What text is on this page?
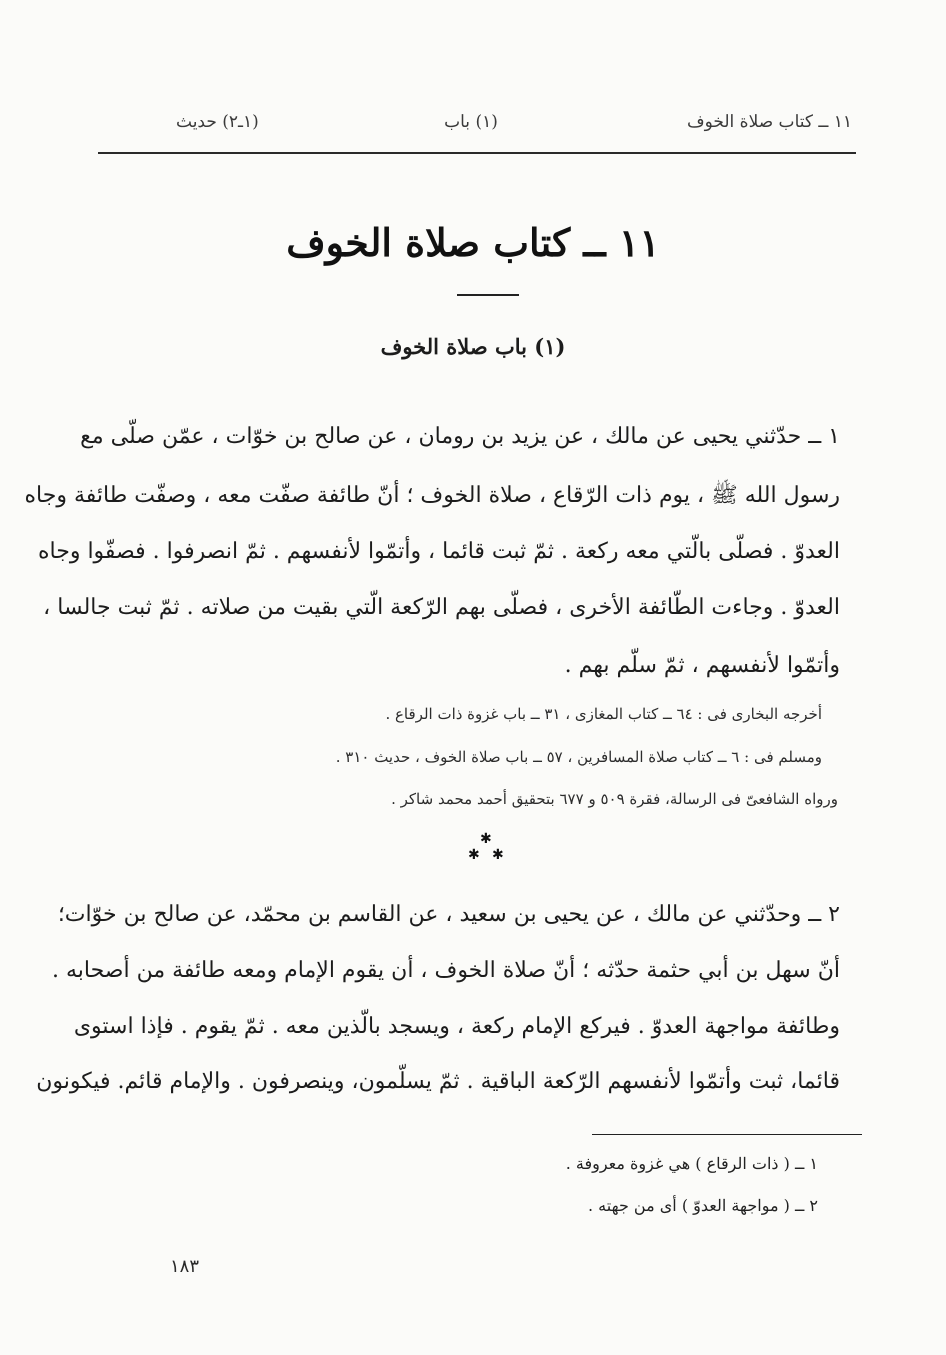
١١ ــ كتاب صلاة الخوف
(١) باب
(١ـ٢) حديث
١١ ــ كتاب صلاة الخوف
(١) باب صلاة الخوف
١ ــ حدّثني يحيى عن مالك ، عن يزيد بن رومان ، عن صالح بن خوّات ، عمّن صلّى مع
رسول الله ﷺ ، يوم ذات الرّقاع ، صلاة الخوف ؛ أنّ طائفة صفّت معه ، وصفّت طائفة وجاه
العدوّ . فصلّى بالّتي معه ركعة . ثمّ ثبت قائما ، وأتمّوا لأنفسهم . ثمّ انصرفوا . فصفّوا وجاه
العدوّ . وجاءت الطّائفة الأخرى ، فصلّى بهم الرّكعة الّتي بقيت من صلاته . ثمّ ثبت جالسا ،
وأتمّوا لأنفسهم ، ثمّ سلّم بهم .
أخرجه البخارى فى : ٦٤ ــ كتاب المغازى ، ٣١ ــ باب غزوة ذات الرقاع .
ومسلم فى : ٦ ــ كتاب صلاة المسافرين ، ٥٧ ــ باب صلاة الخوف ، حديث ٣١٠ .
ورواه الشافعىّ فى الرسالة، فقرة ٥٠٩ و ٦٧٧ بتحقيق أحمد محمد شاكر .
✱
✱ ✱
٢ ــ وحدّثني عن مالك ، عن يحيى بن سعيد ، عن القاسم بن محمّد، عن صالح بن خوّات؛
أنّ سهل بن أبي حثمة حدّثه ؛ أنّ صلاة الخوف ، أن يقوم الإمام ومعه طائفة من أصحابه .
وطائفة مواجهة العدوّ . فيركع الإمام ركعة ، ويسجد بالّذين معه . ثمّ يقوم . فإذا استوى
قائما، ثبت وأتمّوا لأنفسهم الرّكعة الباقية . ثمّ يسلّمون، وينصرفون . والإمام قائم. فيكونون
١ ــ ( ذات الرقاع ) هي غزوة معروفة .
٢ ــ ( مواجهة العدوّ ) أى من جهته .
١٨٣
